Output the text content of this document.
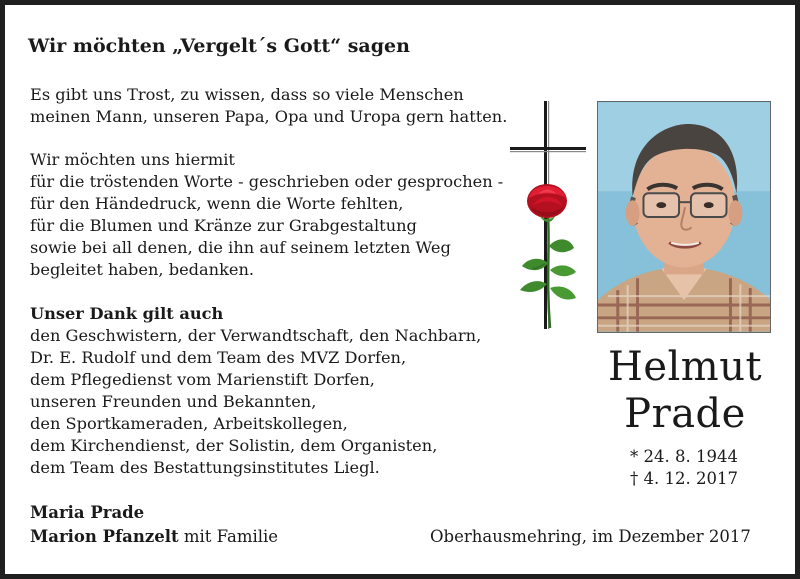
Wir möchten „Vergelt´s Gott“ sagen
Es gibt uns Trost, zu wissen, dass so viele Menschen
meinen Mann, unseren Papa, Opa und Uropa gern hatten.
Wir möchten uns hiermit
für die tröstenden Worte - geschrieben oder gesprochen -
für den Händedruck, wenn die Worte fehlten,
für die Blumen und Kränze zur Grabgestaltung
sowie bei all denen, die ihn auf seinem letzten Weg
begleitet haben, bedanken.
Unser Dank gilt auch
den Geschwistern, der Verwandtschaft, den Nachbarn,
Dr. E. Rudolf und dem Team des MVZ Dorfen,
dem Pflegedienst vom Marienstift Dorfen,
unseren Freunden und Bekannten,
den Sportkameraden, Arbeitskollegen,
dem Kirchendienst, der Solistin, dem Organisten,
dem Team des Bestattungsinstitutes Liegl.
Helmut
Prade
* 24. 8. 1944
† 4. 12. 2017
Maria Prade
Marion Pfanzelt mit Familie	Oberhausmehring, im Dezember 2017
